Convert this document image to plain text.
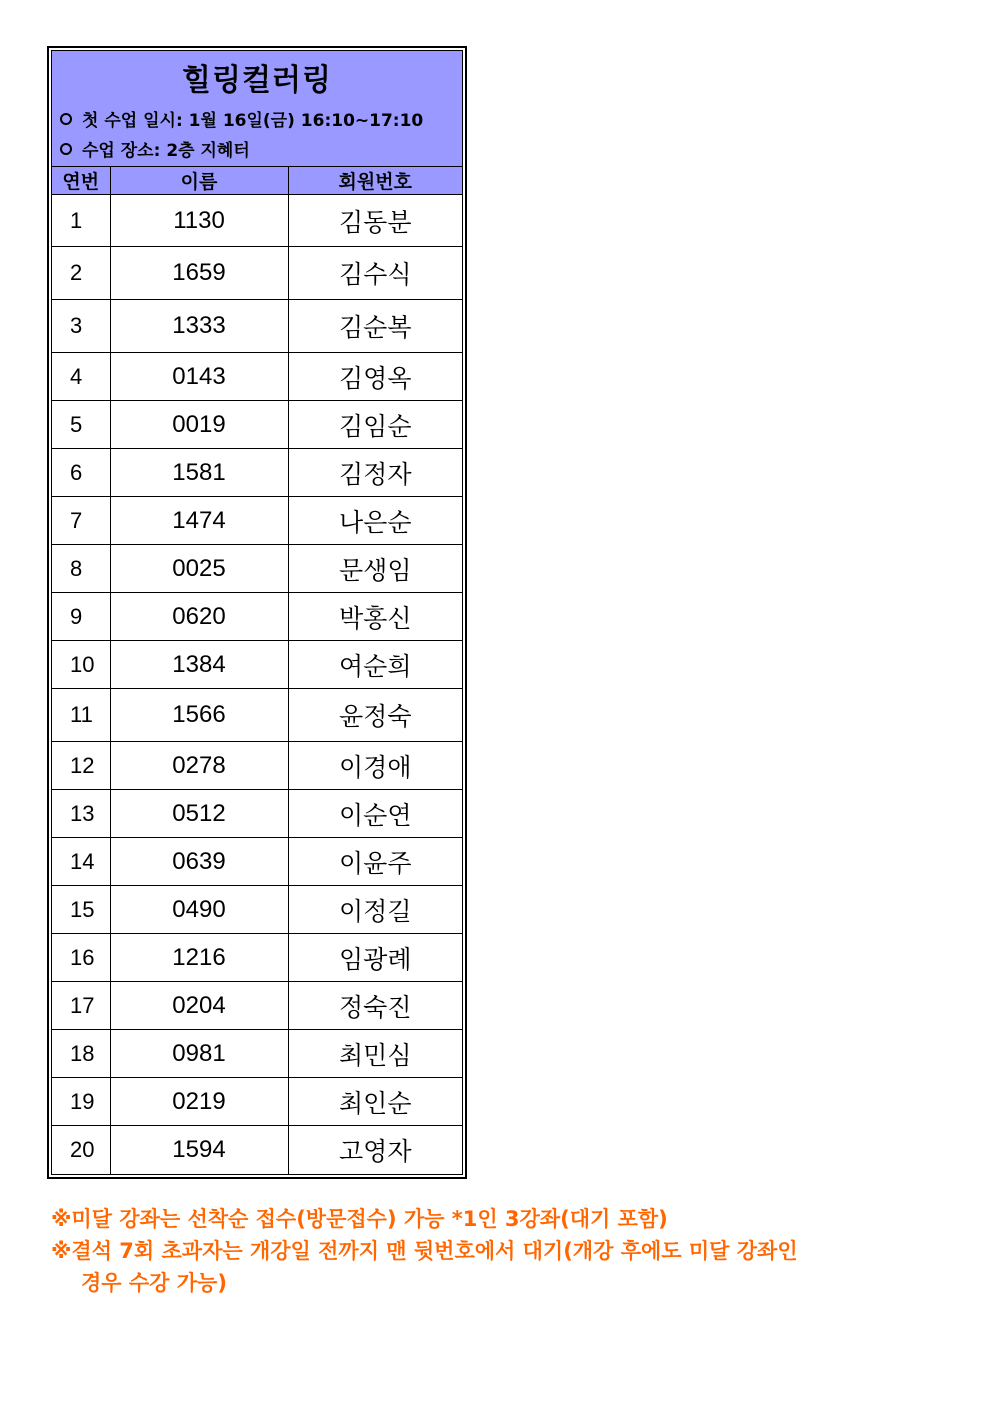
힐링컬러링
첫 수업 일시: 1월 16일(금) 16:10~17:10
수업 장소: 2층 지혜터
연번	이름	회원번호
1	1130	김동분
2	1659	김수식
3	1333	김순복
4	0143	김영옥
5	0019	김임순
6	1581	김정자
7	1474	나은순
8	0025	문생임
9	0620	박홍신
10	1384	여순희
11	1566	윤정숙
12	0278	이경애
13	0512	이순연
14	0639	이윤주
15	0490	이정길
16	1216	임광례
17	0204	정숙진
18	0981	최민심
19	0219	최인순
20	1594	고영자
※미달 강좌는 선착순 접수(방문접수) 가능 *1인 3강좌(대기 포함)
※결석 7회 초과자는 개강일 전까지 맨 뒷번호에서 대기(개강 후에도 미달 강좌인
경우 수강 가능)
